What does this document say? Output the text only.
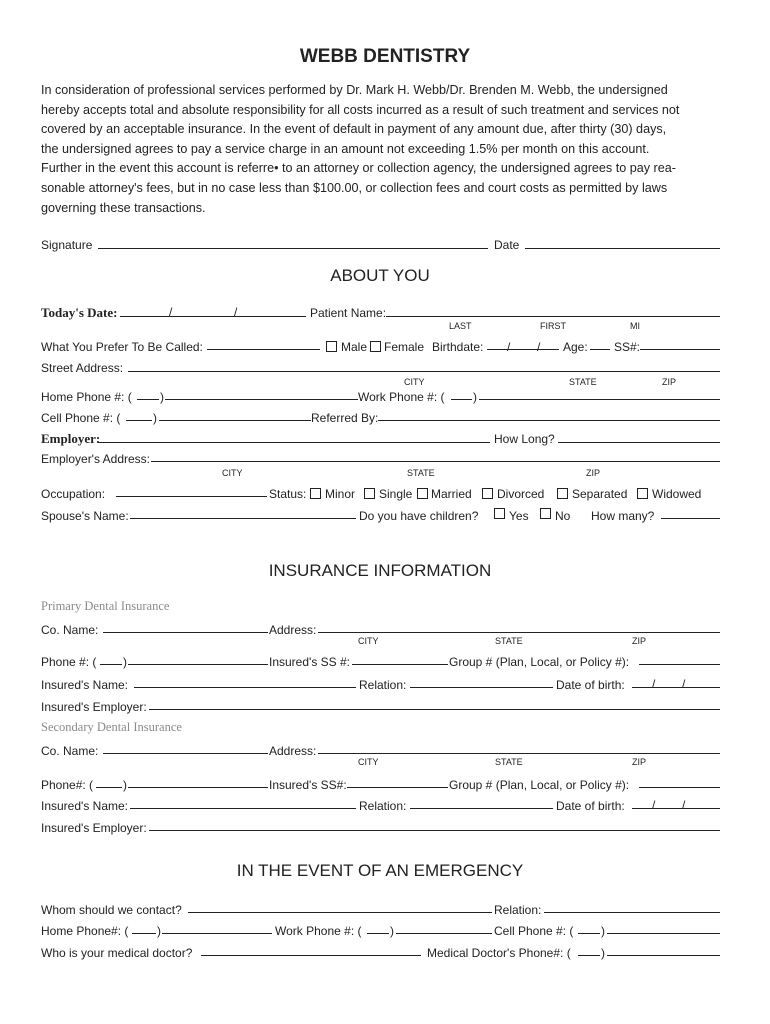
WEBB DENTISTRY
In consideration of professional services performed by Dr. Mark H. Webb/Dr. Brenden M. Webb, the undersigned
hereby accepts total and absolute responsibility for all costs incurred as a result of such treatment and services not
covered by an acceptable insurance. In the event of default in payment of any amount due, after thirty (30) days,
the undersigned agrees to pay a service charge in an amount not exceeding 1.5% per month on this account.
Further in the event this account is referre• to an attorney or collection agency, the undersigned agrees to pay rea-
sonable attorney's fees, but in no case less than $100.00, or collection fees and court costs as permitted by laws
governing these transactions.
Signature	Date
ABOUT YOU
Today's Date:	/	/	Patient Name:
LAST	FIRST	MI
What You Prefer To Be Called:	Male Female Birthdate: / / Age: SS#:
Street Address:
CITY	STATE	ZIP
Home Phone #: ( )	Work Phone #: ( )
Cell Phone #: (	)	Referred By:
Employer:	How Long?
Employer's Address:
CITY	STATE	ZIP
Occupation:	Status: Minor Single Married Divorced Separated Widowed
Spouse's Name:	Do you have children?	Yes No How many?
INSURANCE INFORMATION
Primary Dental Insurance
Co. Name:	Address:
CITY	STATE	ZIP
Phone #: ( )	Insured's SS #:	Group # (Plan, Local, or Policy #):
Insured's Name:	Relation:	Date of birth: / /
Insured's Employer:
Secondary Dental Insurance
Co. Name:	Address:
CITY	STATE	ZIP
Phone#: ( )	Insured's SS#:	Group # (Plan, Local, or Policy #):
Insured's Name:	Relation:	Date of birth: / /
Insured's Employer:
IN THE EVENT OF AN EMERGENCY
Whom should we contact?	Relation:
Home Phone#: ( )	Work Phone #: ( )	Cell Phone #: ( )
Who is your medical doctor?	Medical Doctor's Phone#: (	)
